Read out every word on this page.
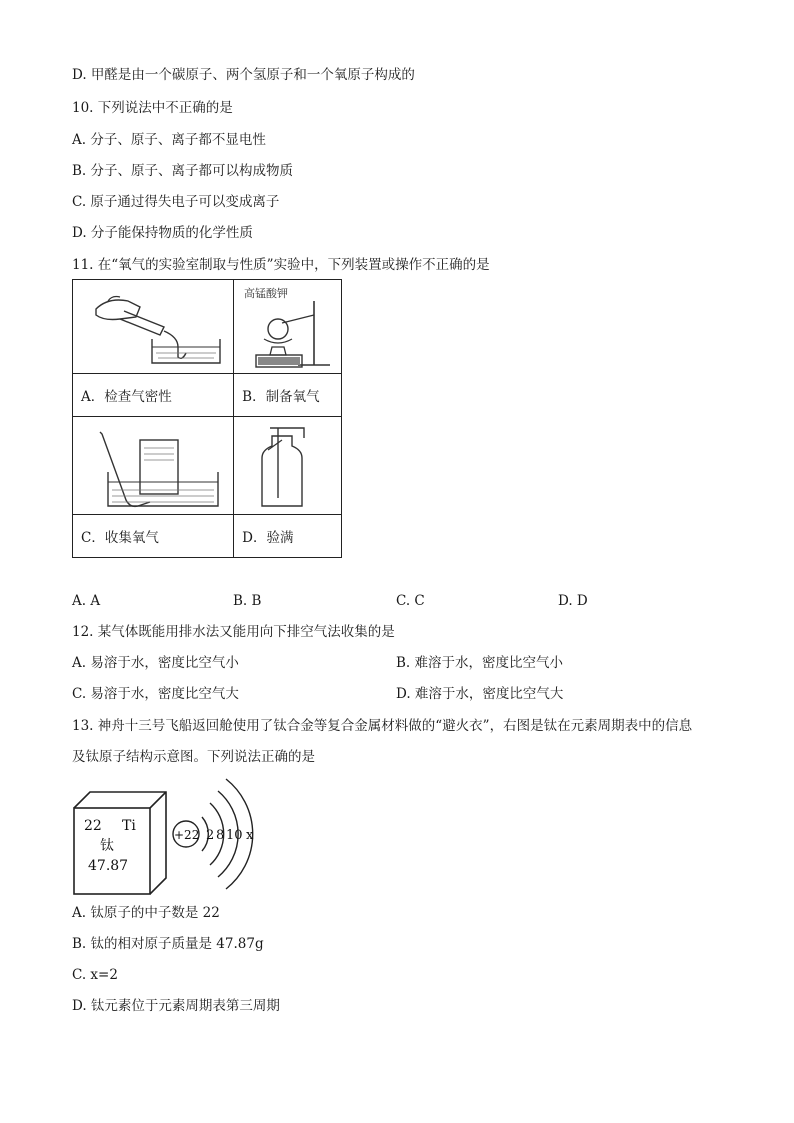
D. 甲醛是由一个碳原子、两个氢原子和一个氧原子构成的
10. 下列说法中不正确的是
A. 分子、原子、离子都不显电性
B. 分子、原子、离子都可以构成物质
C. 原子通过得失电子可以变成离子
D. 分子能保持物质的化学性质
11. 在“氧气的实验室制取与性质”实验中，下列装置或操作不正确的是

高锰酸钾

A．检查气密性	B．制备氧气

C．收集氧气	D．验满
A. A	B. B	C. C	D. D
12. 某气体既能用排水法又能用向下排空气法收集的是
A. 易溶于水，密度比空气小	B. 难溶于水，密度比空气小
C. 易溶于水，密度比空气大	D. 难溶于水，密度比空气大
13. 神舟十三号飞船返回舱使用了钛合金等复合金属材料做的“避火衣”，右图是钛在元素周期表中的信息
及钛原子结构示意图。下列说法正确的是
22 Ti
钛
47.87
+22 2 8 10 x
A. 钛原子的中子数是 22
B. 钛的相对原子质量是 47.87g
C. x=2
D. 钛元素位于元素周期表第三周期
